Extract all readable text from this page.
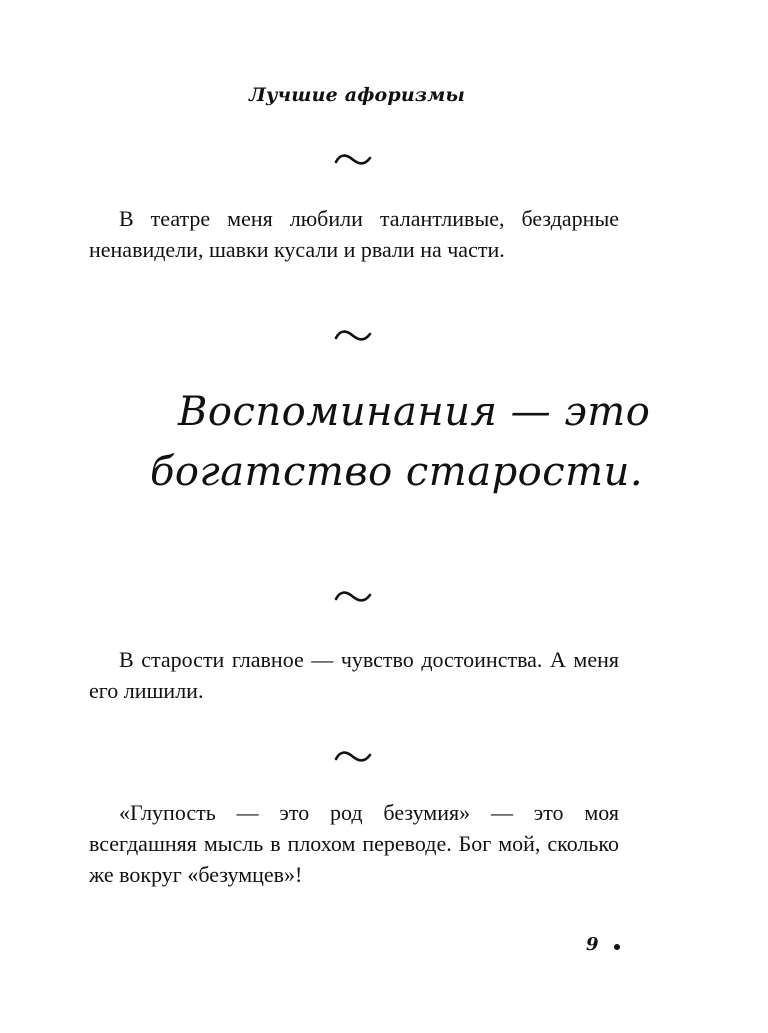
Лучшие афоризмы

В театре меня любили талантливые, бездарные ненавидели, шавки кусали и рвали на части.

Воспоминания — это
богатство старости.

В старости главное — чувство достоинства. А меня его лишили.

«Глупость — это род безумия» — это моя всегдашняя мысль в плохом переводе. Бог мой, сколько же вокруг «безумцев»!

9
